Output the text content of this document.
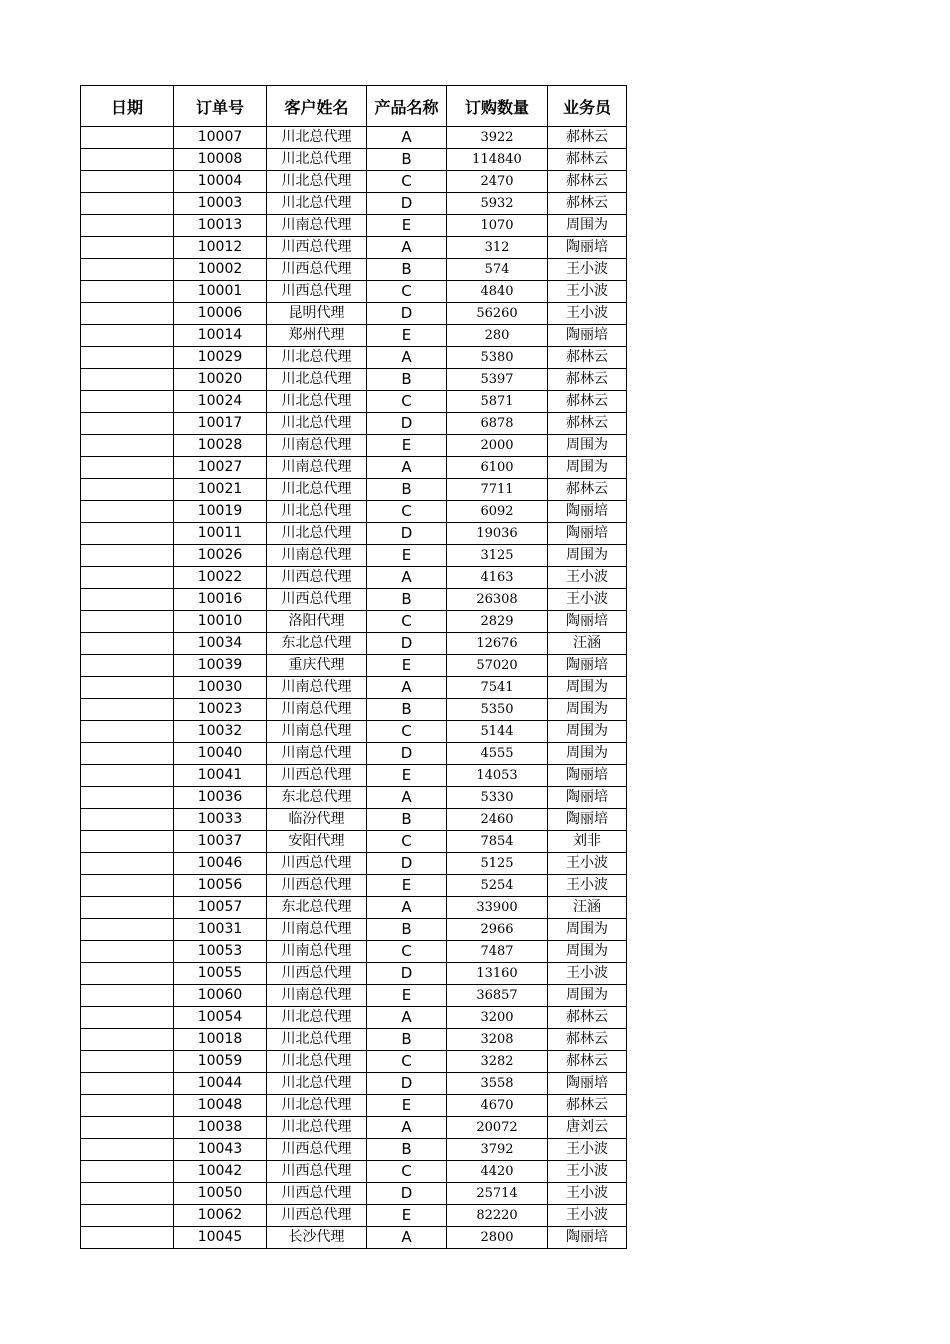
日期	订单号	客户姓名	产品名称	订购数量	业务员
	10007	川北总代理	A	3922	郝林云
	10008	川北总代理	B	114840	郝林云
	10004	川北总代理	C	2470	郝林云
	10003	川北总代理	D	5932	郝林云
	10013	川南总代理	E	1070	周围为
	10012	川西总代理	A	312	陶丽培
	10002	川西总代理	B	574	王小波
	10001	川西总代理	C	4840	王小波
	10006	昆明代理	D	56260	王小波
	10014	郑州代理	E	280	陶丽培
	10029	川北总代理	A	5380	郝林云
	10020	川北总代理	B	5397	郝林云
	10024	川北总代理	C	5871	郝林云
	10017	川北总代理	D	6878	郝林云
	10028	川南总代理	E	2000	周围为
	10027	川南总代理	A	6100	周围为
	10021	川北总代理	B	7711	郝林云
	10019	川北总代理	C	6092	陶丽培
	10011	川北总代理	D	19036	陶丽培
	10026	川南总代理	E	3125	周围为
	10022	川西总代理	A	4163	王小波
	10016	川西总代理	B	26308	王小波
	10010	洛阳代理	C	2829	陶丽培
	10034	东北总代理	D	12676	汪涵
	10039	重庆代理	E	57020	陶丽培
	10030	川南总代理	A	7541	周围为
	10023	川南总代理	B	5350	周围为
	10032	川南总代理	C	5144	周围为
	10040	川南总代理	D	4555	周围为
	10041	川西总代理	E	14053	陶丽培
	10036	东北总代理	A	5330	陶丽培
	10033	临汾代理	B	2460	陶丽培
	10037	安阳代理	C	7854	刘非
	10046	川西总代理	D	5125	王小波
	10056	川西总代理	E	5254	王小波
	10057	东北总代理	A	33900	汪涵
	10031	川南总代理	B	2966	周围为
	10053	川南总代理	C	7487	周围为
	10055	川西总代理	D	13160	王小波
	10060	川南总代理	E	36857	周围为
	10054	川北总代理	A	3200	郝林云
	10018	川北总代理	B	3208	郝林云
	10059	川北总代理	C	3282	郝林云
	10044	川北总代理	D	3558	陶丽培
	10048	川北总代理	E	4670	郝林云
	10038	川北总代理	A	20072	唐刘云
	10043	川西总代理	B	3792	王小波
	10042	川西总代理	C	4420	王小波
	10050	川西总代理	D	25714	王小波
	10062	川西总代理	E	82220	王小波
	10045	长沙代理	A	2800	陶丽培
